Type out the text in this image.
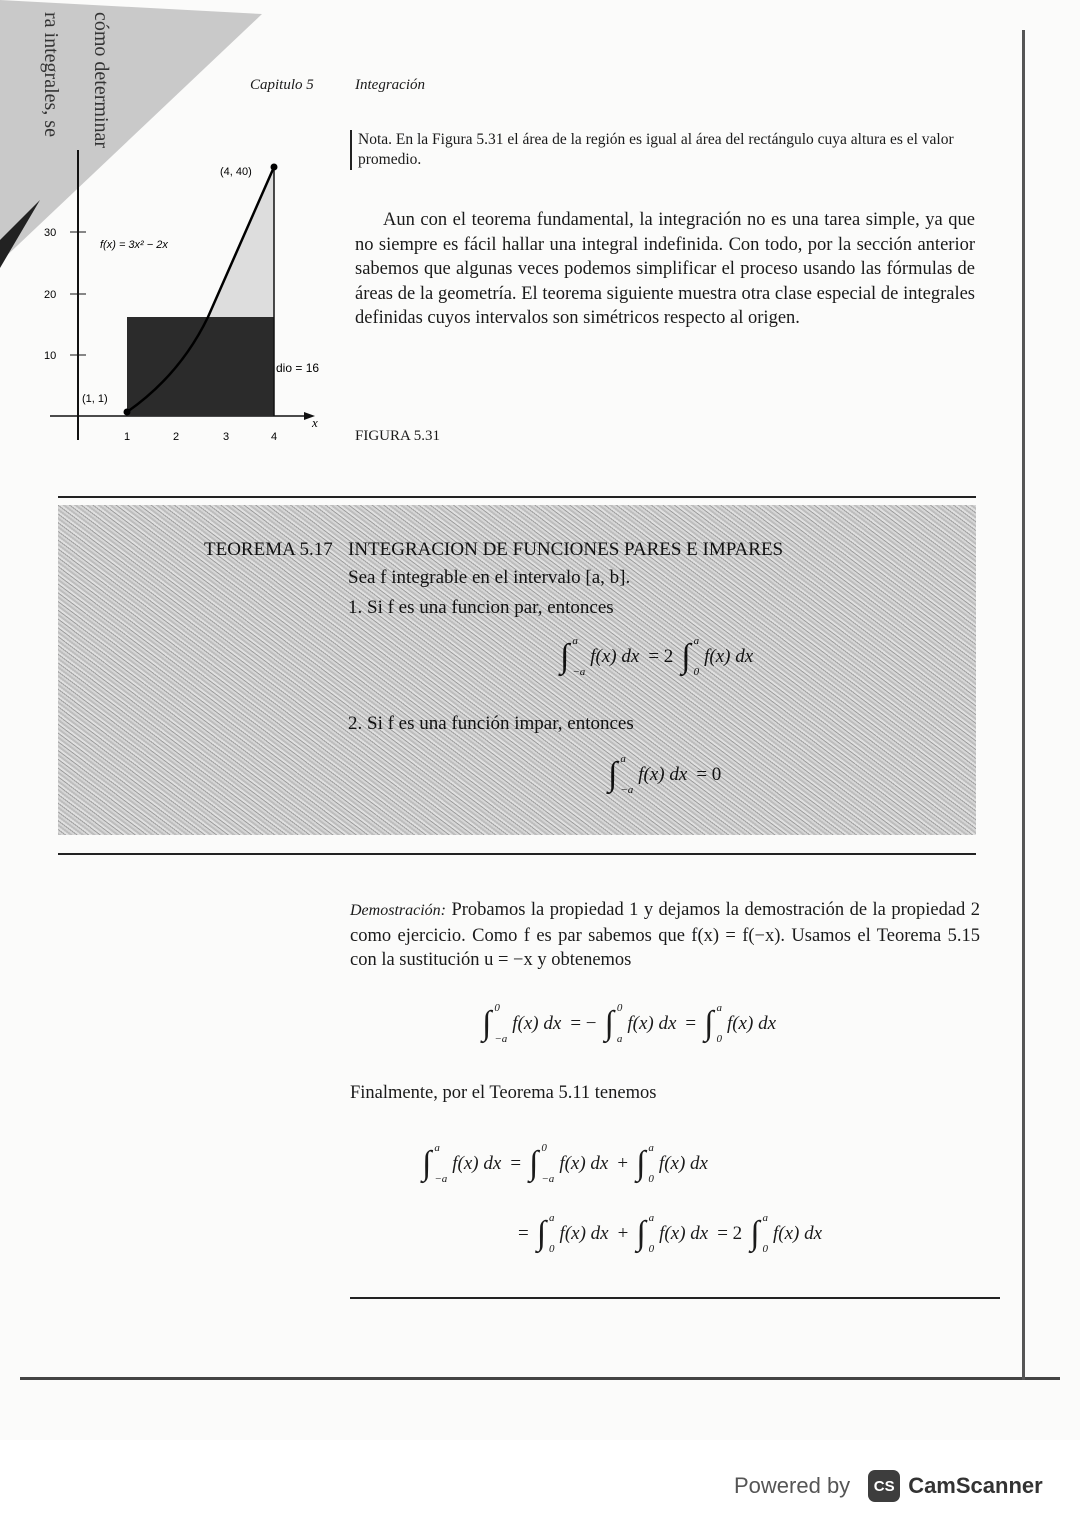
cómo determinar
ra integrales, se	Capitulo 5	Integración
Nota. En la Figura 5.31 el área de la región es igual al área del rectángulo cuya altura es el valor promedio.
Aun con el teorema fundamental, la integración no es una tarea simple, ya que no siempre es fácil hallar una integral indefinida. Con todo, por la sección anterior sabemos que algunas veces podemos simplificar el proceso usando las fórmulas de áreas de la geometría. El teorema siguiente muestra otra clase especial de integrales definidas cuyos intervalos son simétricos respecto al origen.
10
20
30
1	2	3	4
x
(4, 40)
(1, 1)
f(x) = 3x² − 2x
dio = 16
FIGURA 5.31
TEOREMA 5.17 INTEGRACION DE FUNCIONES PARES E IMPARES
Sea f integrable en el intervalo [a, b].
1. Si f es una funcion par, entonces
∫ a
−a
f(x) dx = 2 ∫ a
0
f(x) dx
2. Si f es una función impar, entonces
∫ a
−a
f(x) dx = 0
Demostración: Probamos la propiedad 1 y dejamos la demostración de la propiedad 2 como ejercicio. Como f es par sabemos que f(x) = f(−x). Usamos el Teorema 5.15 con la sustitución u = −x y obtenemos
∫ 0
−a
f(x) dx = − ∫ 0
a
f(x) dx = ∫ a
0
f(x) dx
Finalmente, por el Teorema 5.11 tenemos
∫ a
−a
f(x) dx = ∫ 0
−a
f(x) dx + ∫ a
0
f(x) dx
= ∫ a
0
f(x) dx + ∫ a
0
f(x) dx = 2 ∫ a
0
f(x) dx
Powered by	CS CamScanner
